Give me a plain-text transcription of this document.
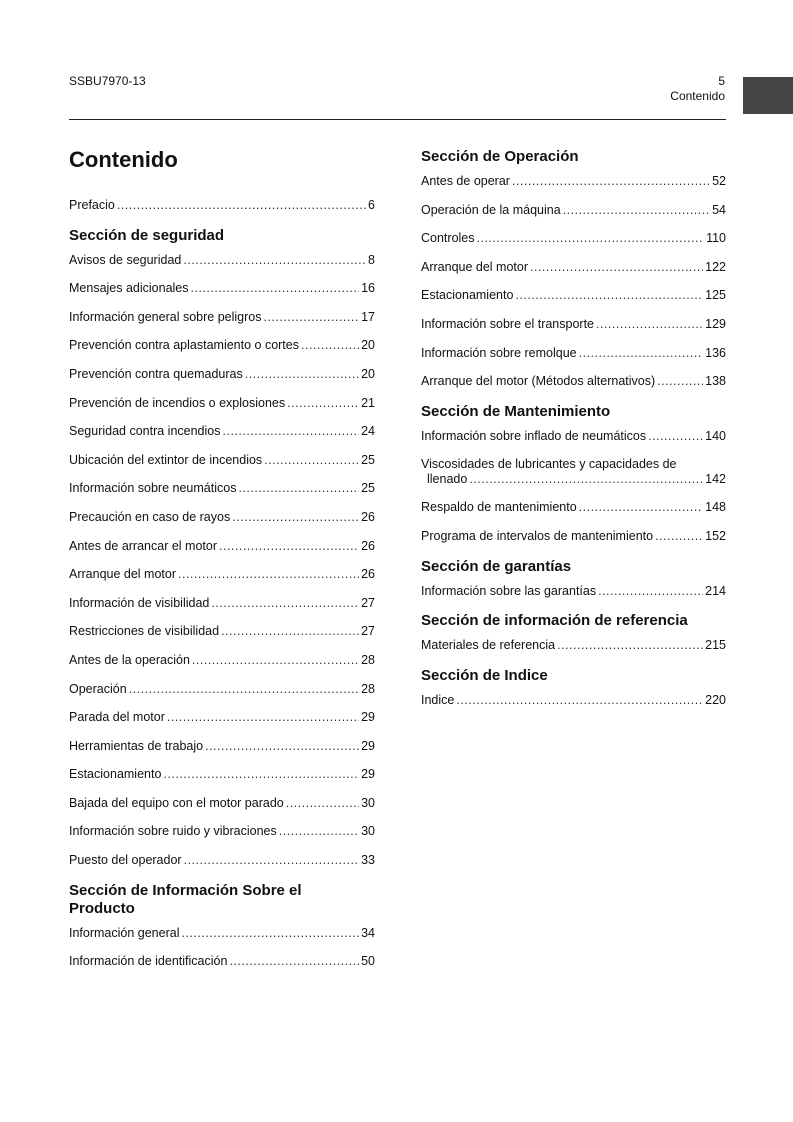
SSBU7970-13	5
Contenido
Contenido
Prefacio .....	6
Sección de seguridad
Avisos de seguridad .....	8
Mensajes adicionales .....	16
Información general sobre peligros .....	17
Prevención contra aplastamiento o cortes .....	20
Prevención contra quemaduras .....	20
Prevención de incendios o explosiones .....	21
Seguridad contra incendios .....	24
Ubicación del extintor de incendios .....	25
Información sobre neumáticos .....	25
Precaución en caso de rayos .....	26
Antes de arrancar el motor .....	26
Arranque del motor .....	26
Información de visibilidad .....	27
Restricciones de visibilidad .....	27
Antes de la operación .....	28
Operación .....	28
Parada del motor .....	29
Herramientas de trabajo .....	29
Estacionamiento .....	29
Bajada del equipo con el motor parado .....	30
Información sobre ruido y vibraciones .....	30
Puesto del operador .....	33
Sección de Información Sobre el
Producto
Información general .....	34
Información de identificación .....	50
Sección de Operación
Antes de operar .....	52
Operación de la máquina .....	54
Controles .....	110
Arranque del motor .....	122
Estacionamiento .....	125
Información sobre el transporte .....	129
Información sobre remolque .....	136
Arranque del motor (Métodos alternativos) .....	138
Sección de Mantenimiento
Información sobre inflado de neumáticos .....	140
Viscosidades de lubricantes y capacidades de
llenado .....	142
Respaldo de mantenimiento .....	148
Programa de intervalos de mantenimiento .....	152
Sección de garantías
Información sobre las garantías .....	214
Sección de información de referencia
Materiales de referencia .....	215
Sección de Indice
Indice .....	220
